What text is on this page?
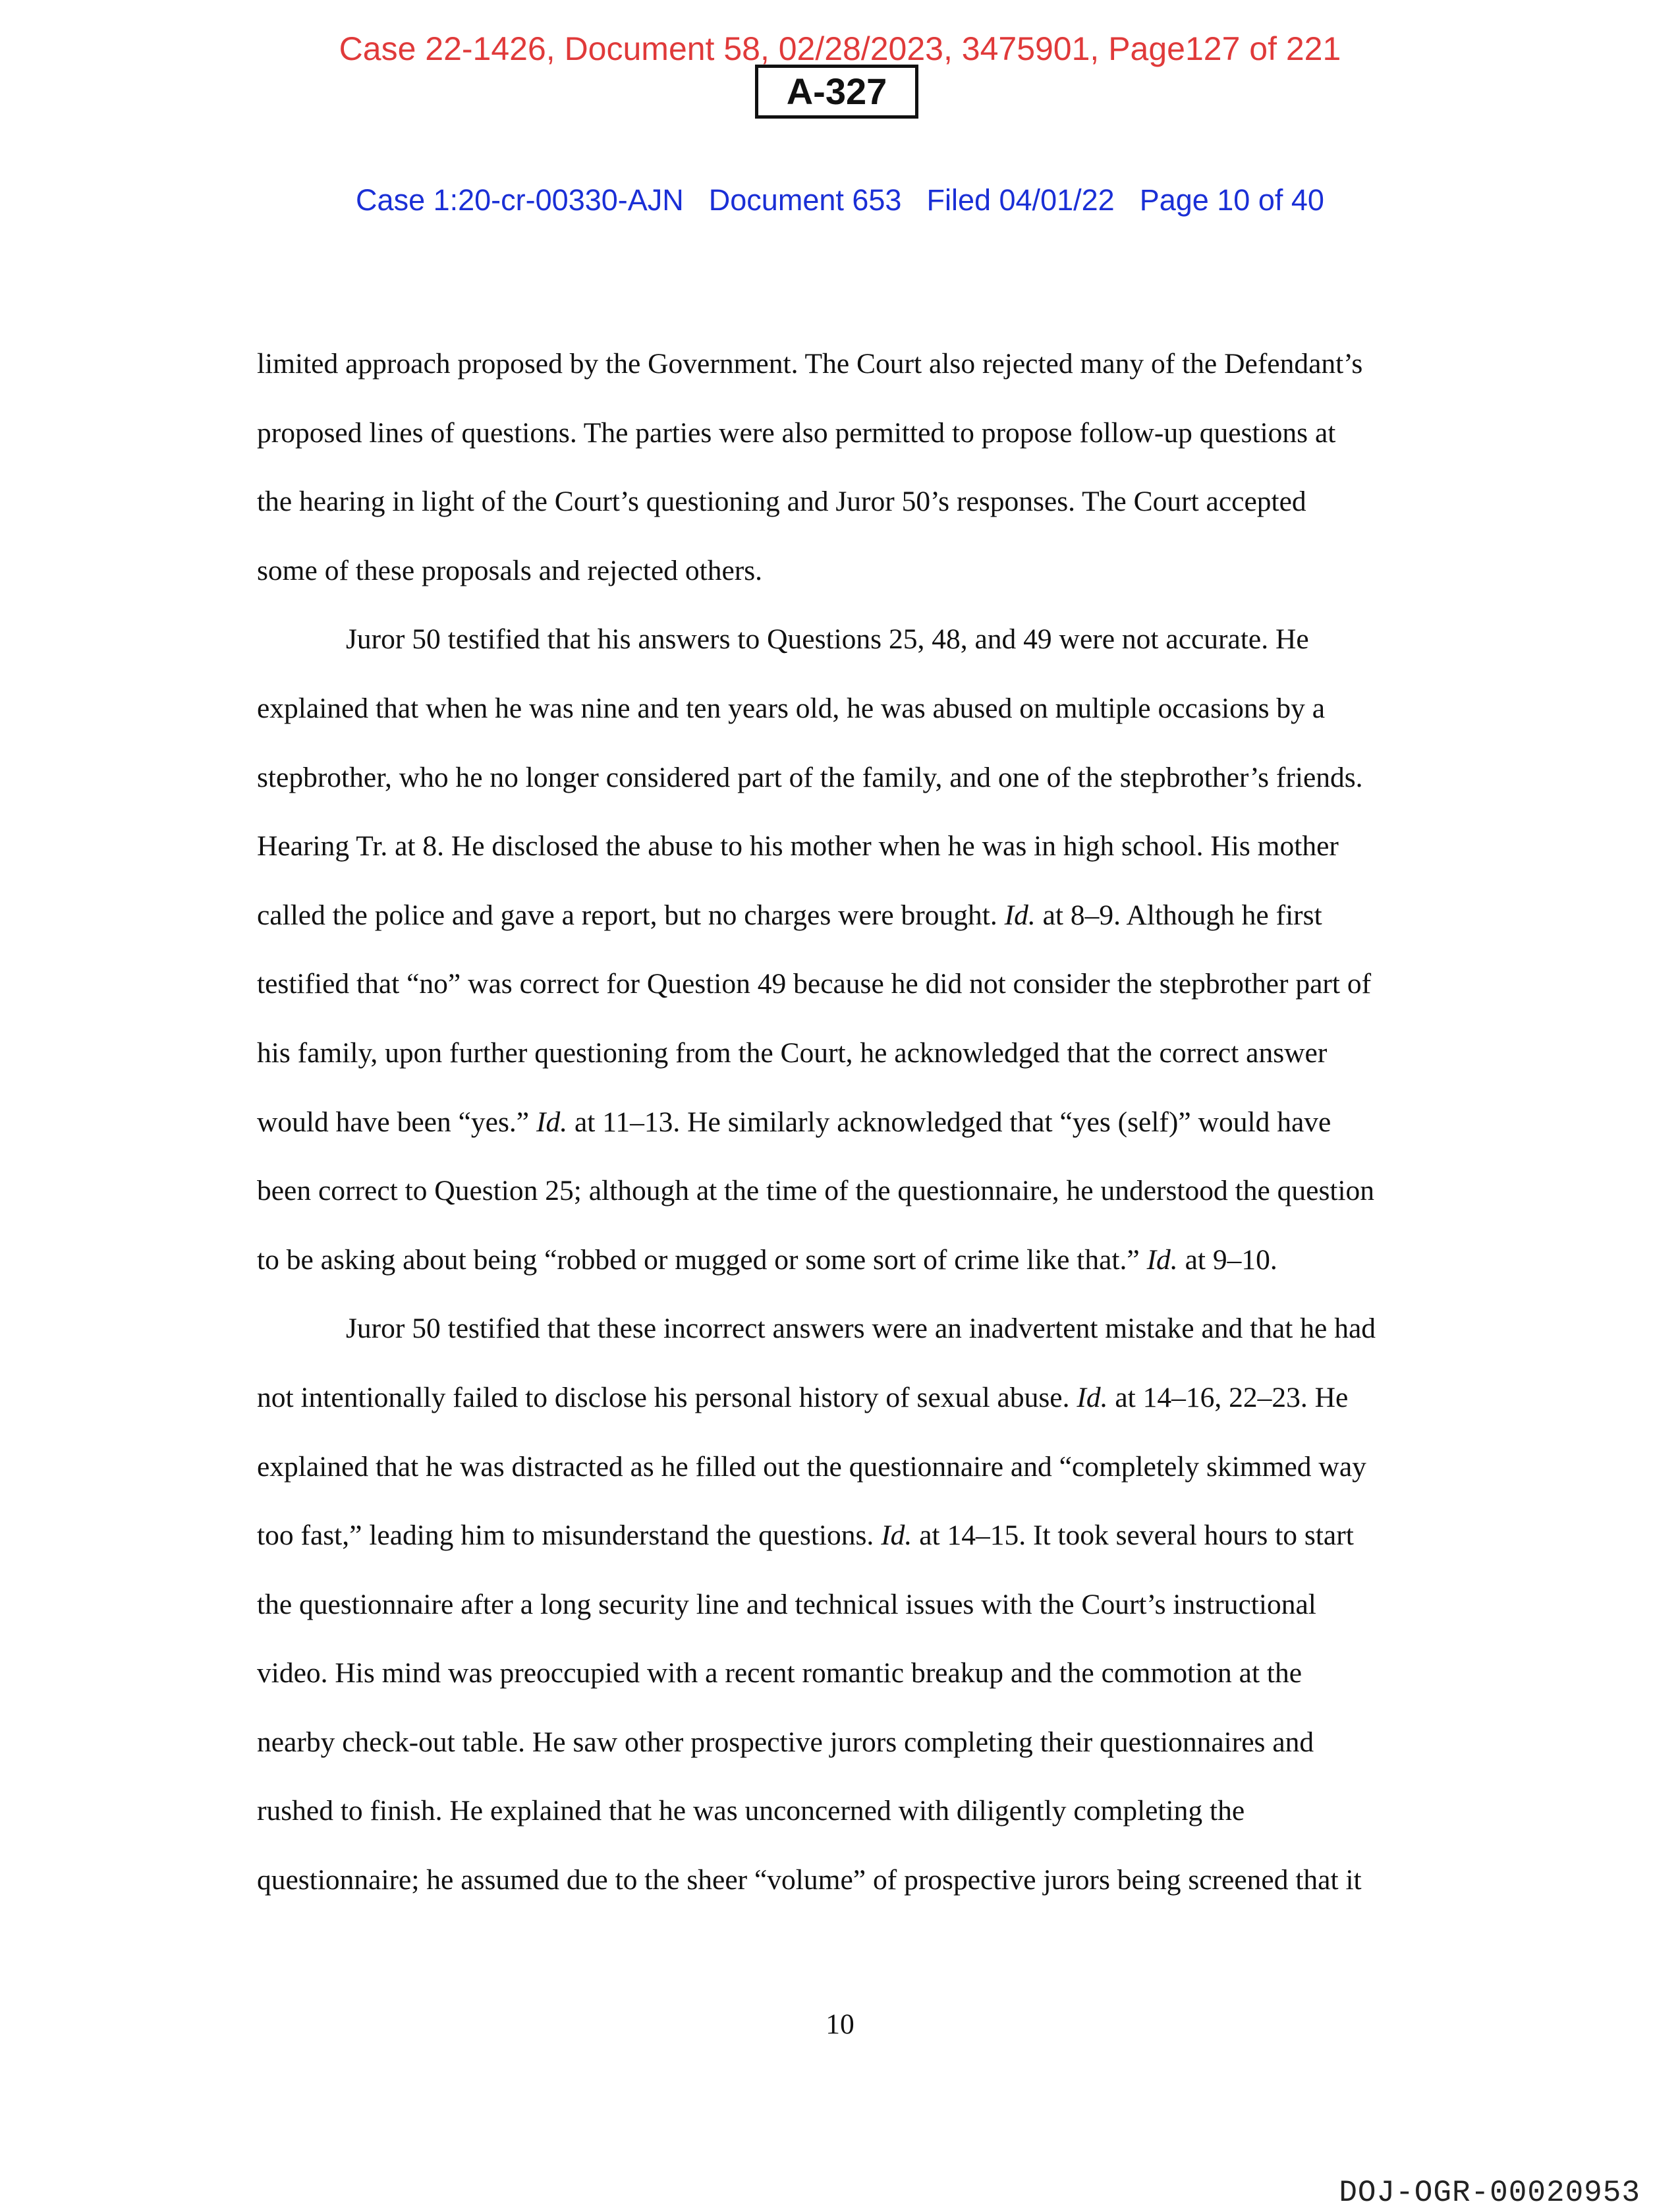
Case 22-1426, Document 58, 02/28/2023, 3475901, Page127 of 221
A-327
Case 1:20-cr-00330-AJN Document 653 Filed 04/01/22 Page 10 of 40
limited approach proposed by the Government. The Court also rejected many of the Defendant’s
proposed lines of questions. The parties were also permitted to propose follow-up questions at
the hearing in light of the Court’s questioning and Juror 50’s responses. The Court accepted
some of these proposals and rejected others.
Juror 50 testified that his answers to Questions 25, 48, and 49 were not accurate. He
explained that when he was nine and ten years old, he was abused on multiple occasions by a
stepbrother, who he no longer considered part of the family, and one of the stepbrother’s friends.
Hearing Tr. at 8. He disclosed the abuse to his mother when he was in high school. His mother
called the police and gave a report, but no charges were brought. Id. at 8–9. Although he first
testified that “no” was correct for Question 49 because he did not consider the stepbrother part of
his family, upon further questioning from the Court, he acknowledged that the correct answer
would have been “yes.” Id. at 11–13. He similarly acknowledged that “yes (self)” would have
been correct to Question 25; although at the time of the questionnaire, he understood the question
to be asking about being “robbed or mugged or some sort of crime like that.” Id. at 9–10.
Juror 50 testified that these incorrect answers were an inadvertent mistake and that he had
not intentionally failed to disclose his personal history of sexual abuse. Id. at 14–16, 22–23. He
explained that he was distracted as he filled out the questionnaire and “completely skimmed way
too fast,” leading him to misunderstand the questions. Id. at 14–15. It took several hours to start
the questionnaire after a long security line and technical issues with the Court’s instructional
video. His mind was preoccupied with a recent romantic breakup and the commotion at the
nearby check-out table. He saw other prospective jurors completing their questionnaires and
rushed to finish. He explained that he was unconcerned with diligently completing the
questionnaire; he assumed due to the sheer “volume” of prospective jurors being screened that it
10
DOJ-OGR-00020953
